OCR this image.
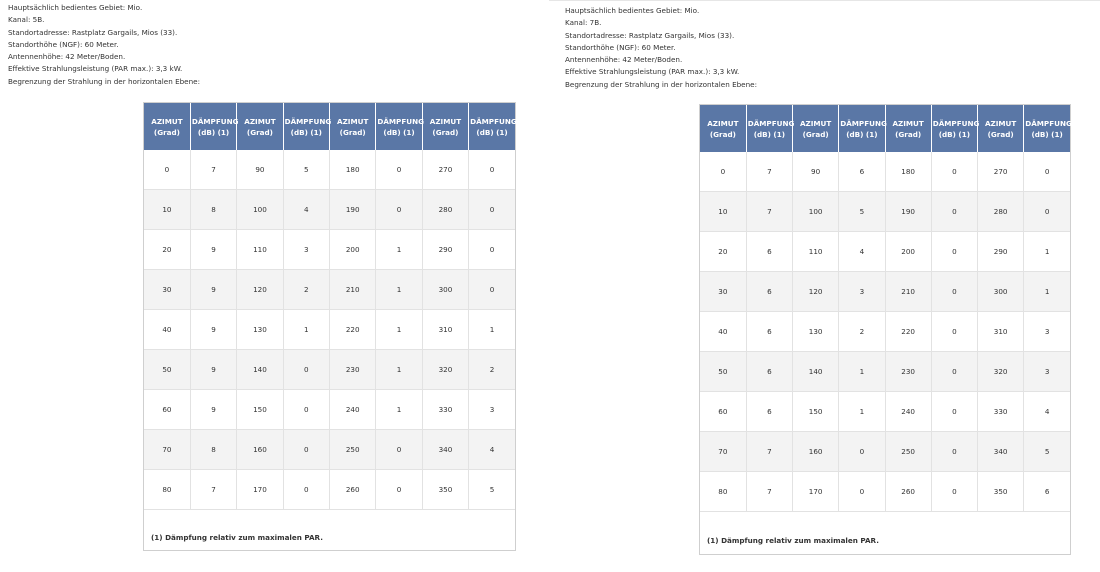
Hauptsächlich bedientes Gebiet: Mio.
Kanal: 5B.
Standortadresse: Rastplatz Gargails, Mios (33).
Standorthöhe (NGF): 60 Meter.
Antennenhöhe: 42 Meter/Boden.
Effektive Strahlungsleistung (PAR max.): 3,3 kW.
Begrenzung der Strahlung in der horizontalen Ebene:
AZIMUT (Grad)	DÄMPFUNG (dB) (1)	AZIMUT (Grad)	DÄMPFUNG (dB) (1)	AZIMUT (Grad)	DÄMPFUNG (dB) (1)	AZIMUT (Grad)	DÄMPFUNG (dB) (1)
0	7	90	5	180	0	270	0
10	8	100	4	190	0	280	0
20	9	110	3	200	1	290	0
30	9	120	2	210	1	300	0
40	9	130	1	220	1	310	1
50	9	140	0	230	1	320	2
60	9	150	0	240	1	330	3
70	8	160	0	250	0	340	4
80	7	170	0	260	0	350	5
(1) Dämpfung relativ zum maximalen PAR.
Hauptsächlich bedientes Gebiet: Mio.
Kanal: 7B.
Standortadresse: Rastplatz Gargails, Mios (33).
Standorthöhe (NGF): 60 Meter.
Antennenhöhe: 42 Meter/Boden.
Effektive Strahlungsleistung (PAR max.): 3,3 kW.
Begrenzung der Strahlung in der horizontalen Ebene:
AZIMUT (Grad)	DÄMPFUNG (dB) (1)	AZIMUT (Grad)	DÄMPFUNG (dB) (1)	AZIMUT (Grad)	DÄMPFUNG (dB) (1)	AZIMUT (Grad)	DÄMPFUNG (dB) (1)
0	7	90	6	180	0	270	0
10	7	100	5	190	0	280	0
20	6	110	4	200	0	290	1
30	6	120	3	210	0	300	1
40	6	130	2	220	0	310	3
50	6	140	1	230	0	320	3
60	6	150	1	240	0	330	4
70	7	160	0	250	0	340	5
80	7	170	0	260	0	350	6
(1) Dämpfung relativ zum maximalen PAR.
